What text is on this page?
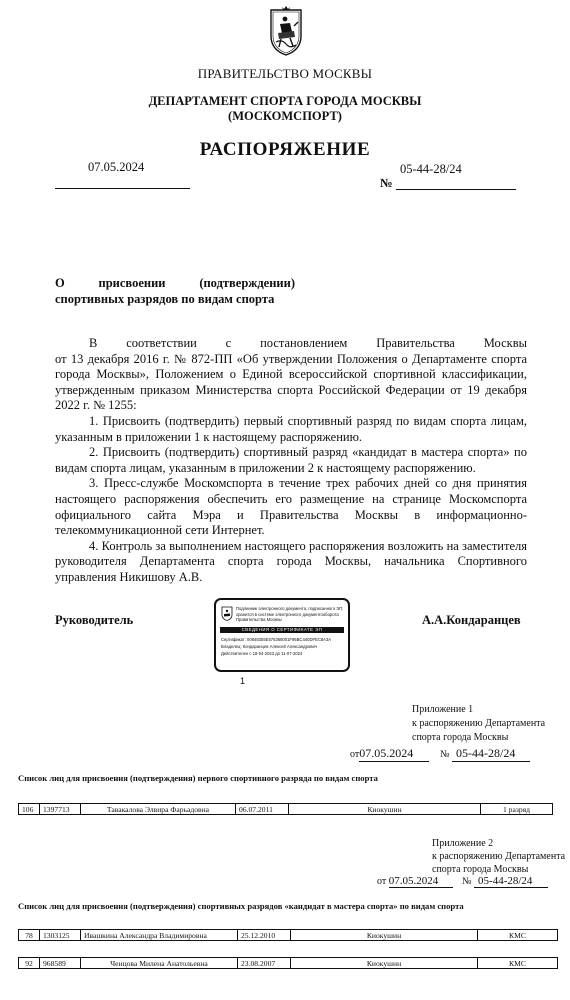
ПРАВИТЕЛЬСТВО МОСКВЫ
ДЕПАРТАМЕНТ СПОРТА ГОРОДА МОСКВЫ
(МОСКОМСПОРТ)
РАСПОРЯЖЕНИЕ
07.05.2024	05-44-28/24
№
О	присвоении	(подтверждении)
спортивных разрядов по видам спорта
В соответствии с постановлением Правительства Москвы
от 13 декабря 2016 г. № 872-ПП «Об утверждении Положения о Департаменте спорта города Москвы», Положением о Единой всероссийской спортивной классификации, утвержденным приказом Министерства спорта Российской Федерации от 19 декабря 2022 г. № 1255:
1. Присвоить (подтвердить) первый спортивный разряд по видам спорта лицам, указанным в приложении 1 к настоящему распоряжению.
2. Присвоить (подтвердить) спортивный разряд «кандидат в мастера спорта» по видам спорта лицам, указанным в приложении 2 к настоящему распоряжению.
3. Пресс-службе Москомспорта в течение трех рабочих дней со дня принятия настоящего распоряжения обеспечить его размещение на странице Москомспорта официального сайта Мэра и Правительства Москвы в информационно-телекоммуникационной сети Интернет.
4. Контроль за выполнением настоящего распоряжения возложить на заместителя руководителя Департамента спорта города Москвы, начальника Спортивного управления Никишову А.В.
Руководитель	А.А.Кондаранцев
Подлинник электронного документа, подписанного ЭП,
хранится в системе электронного документооборота
Правительства Москвы
СВЕДЕНИЯ О СЕРТИФИКАТЕ ЭП
Сертификат: 00848355E575368001F95BC440DFEC8A3A
Владелец: Кондаранцев Алексей Александрович
Действителен с 18-04-2023 до 11-07-2024
1
Приложение 1
к распоряжению Департамента
спорта города Москвы
от07.05.2024	№ 05-44-28/24
Список лиц для присвоения (подтверждения) первого спортивного разряда по видам спорта
106	1397713	Тавакалова Элвира Фарьадовна	06.07.2011	Киокушин	1 разряд
Приложение 2
к распоряжению Департамента
спорта города Москвы
от 07.05.2024	№ 05-44-28/24
Список лиц для присвоения (подтверждения) спортивных разрядов «кандидат в мастера спорта» по видам спорта
78	1303125	Ивашкина Александра Владимировна	25.12.2010	Киокушин	КМС
92	968589	Ченцова Милена Анатольевна	23.08.2007	Киокушин	КМС
